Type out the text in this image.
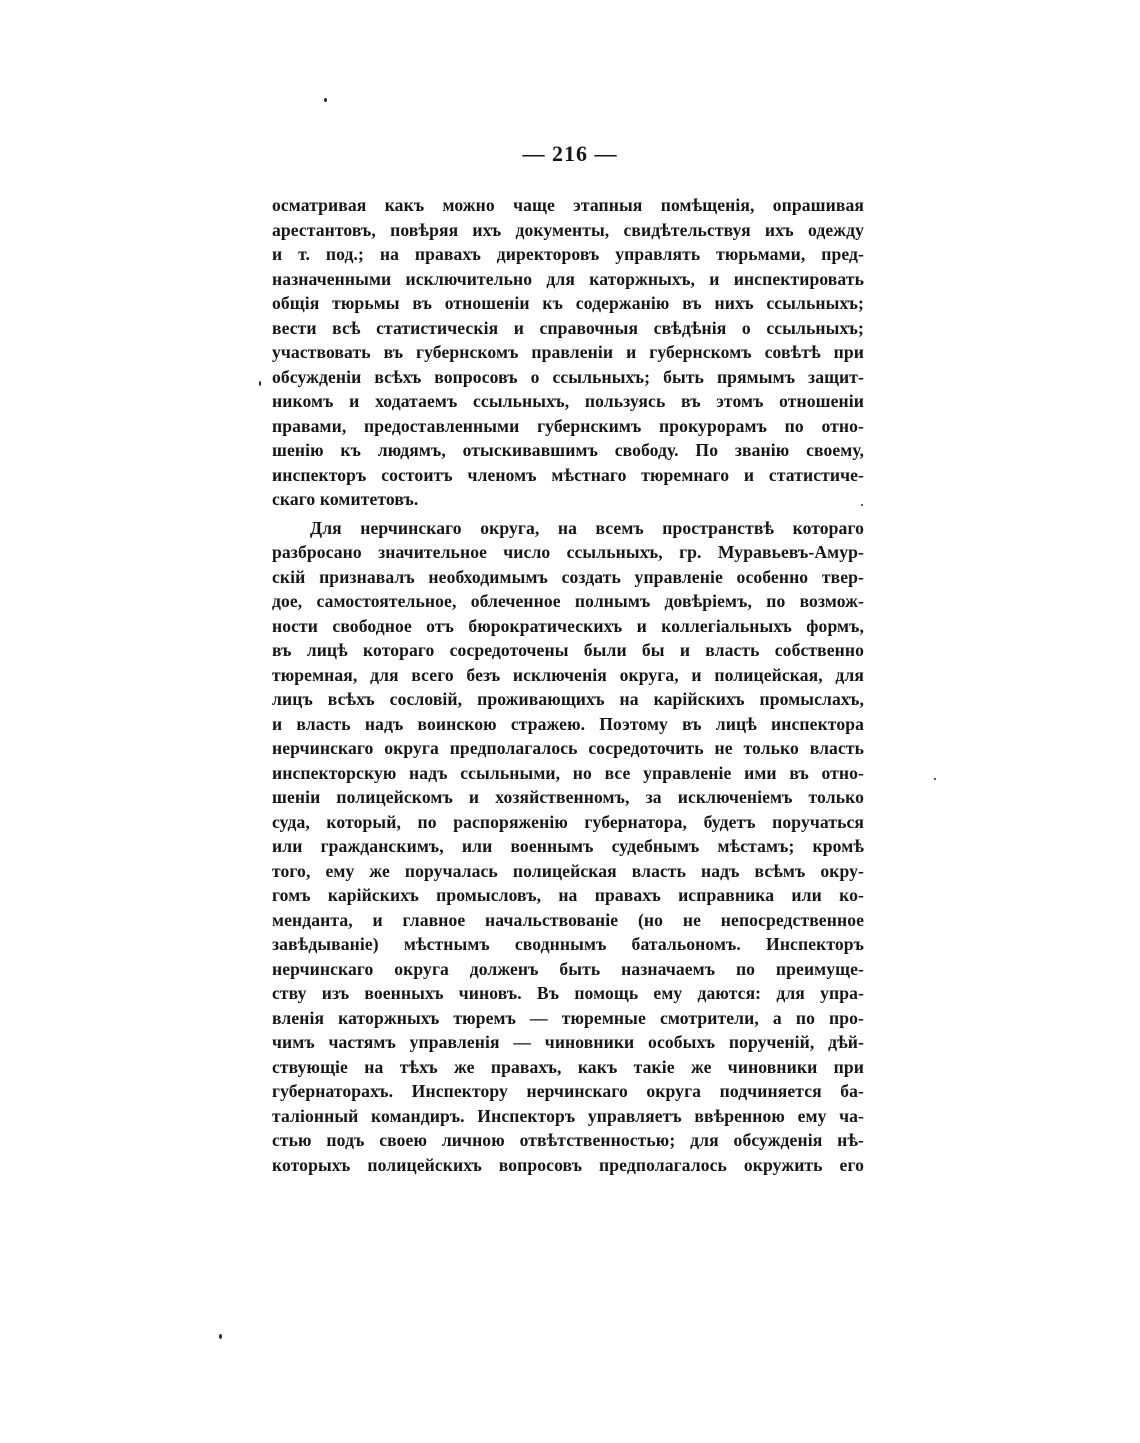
— 216 —
осматривая какъ можно чаще этапныя помѣщенія, опрашивая
арестантовъ, повѣряя ихъ документы, свидѣтельствуя ихъ одежду
и т. под.; на правахъ директоровъ управлять тюрьмами, пред-
назначенными исключительно для каторжныхъ, и инспектировать
общія тюрьмы въ отношеніи къ содержанію въ нихъ ссыльныхъ;
вести всѣ статистическія и справочныя свѣдѣнія о ссыльныхъ;
участвовать въ губернскомъ правленіи и губернскомъ совѣтѣ при
обсужденіи всѣхъ вопросовъ о ссыльныхъ; быть прямымъ защит-
никомъ и ходатаемъ ссыльныхъ, пользуясь въ этомъ отношеніи
правами, предоставленными губернскимъ прокурорамъ по отно-
шенію къ людямъ, отыскивавшимъ свободу. По званію своему,
инспекторъ состоитъ членомъ мѣстнаго тюремнаго и статистиче-
скаго комитетовъ.
Для нерчинскаго округа, на всемъ пространствѣ котораго
разбросано значительное число ссыльныхъ, гр. Муравьевъ-Амур-
скій признавалъ необходимымъ создать управленіе особенно твер-
дое, самостоятельное, облеченное полнымъ довѣріемъ, по возмож-
ности свободное отъ бюрократическихъ и коллегіальныхъ формъ,
въ лицѣ котораго сосредоточены были бы и власть собственно
тюремная, для всего безъ исключенія округа, и полицейская, для
лицъ всѣхъ сословій, проживающихъ на карійскихъ промыслахъ,
и власть надъ воинскою стражею. Поэтому въ лицѣ инспектора
нерчинскаго округа предполагалось сосредоточить не только власть
инспекторскую надъ ссыльными, но все управленіе ими въ отно-
шеніи полицейскомъ и хозяйственномъ, за исключеніемъ только
суда, который, по распоряженію губернатора, будетъ поручаться
или гражданскимъ, или военнымъ судебнымъ мѣстамъ; кромѣ
того, ему же поручалась полицейская власть надъ всѣмъ окру-
гомъ карійскихъ промысловъ, на правахъ исправника или ко-
менданта, и главное начальствованіе (но не непосредственное
завѣдываніе) мѣстнымъ сводннымъ батальономъ. Инспекторъ
нерчинскаго округа долженъ быть назначаемъ по преимуще-
ству изъ военныхъ чиновъ. Въ помощь ему даются: для упра-
вленія каторжныхъ тюремъ — тюремные смотрители, а по про-
чимъ частямъ управленія — чиновники особыхъ порученій, дѣй-
ствующіе на тѣхъ же правахъ, какъ такіе же чиновники при
губернаторахъ. Инспектору нерчинскаго округа подчиняется ба-
таліонный командиръ. Инспекторъ управляетъ ввѣренною ему ча-
стью подъ своею личною отвѣтственностью; для обсужденія нѣ-
которыхъ полицейскихъ вопросовъ предполагалось окружить его
